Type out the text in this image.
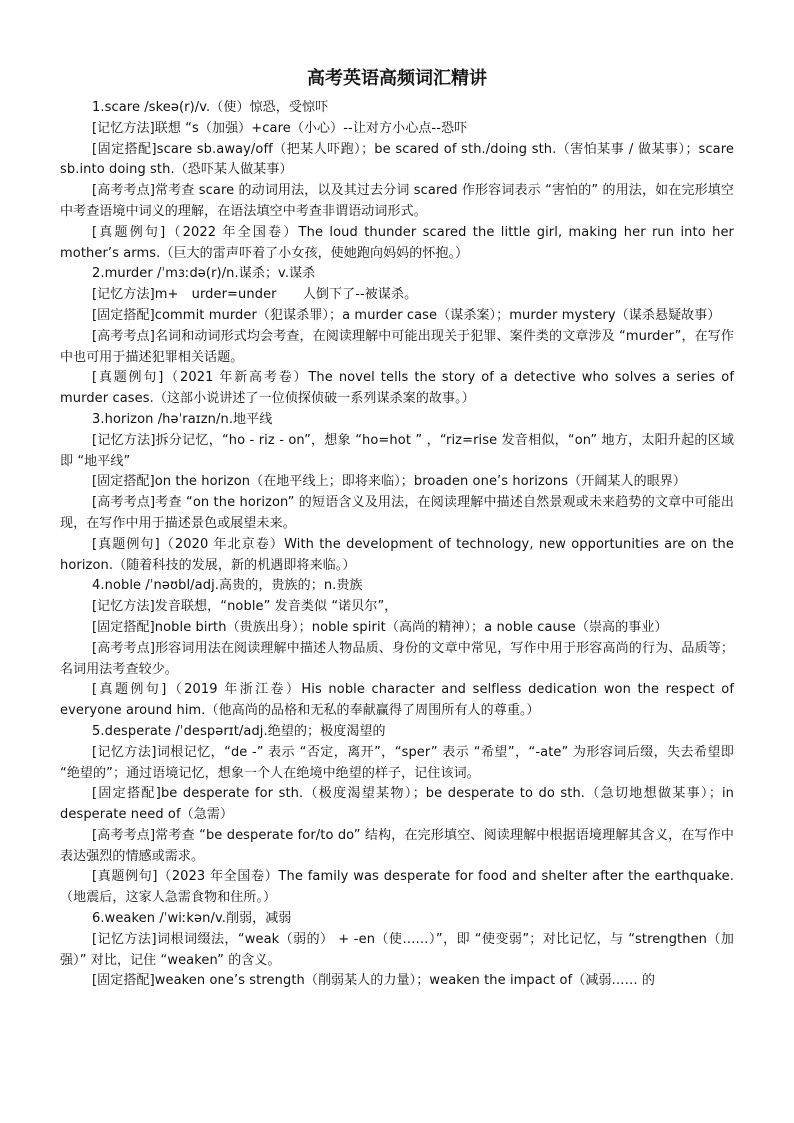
高考英语高频词汇精讲

1.scare /skeə(r)/v.（使）惊恐，受惊吓

[记忆方法]联想 “s（加强）+care（小心）--让对方小心点--恐吓

[固定搭配]scare sb.away/off（把某人吓跑）；be scared of sth./doing sth.（害怕某事 / 做某事）；scare sb.into doing sth.（恐吓某人做某事）

[高考考点]常考查 scare 的动词用法，以及其过去分词 scared 作形容词表示 “害怕的” 的用法，如在完形填空中考查语境中词义的理解，在语法填空中考查非谓语动词形式。

[真题例句]（2022 年全国卷）The loud thunder scared the little girl, making her run into her mother’s arms.（巨大的雷声吓着了小女孩，使她跑向妈妈的怀抱。）

2.murder /ˈmɜːdə(r)/n.谋杀；v.谋杀

[记忆方法]m+　urder=under　　人倒下了--被谋杀。

[固定搭配]commit murder（犯谋杀罪）；a murder case（谋杀案）；murder mystery（谋杀悬疑故事）

[高考考点]名词和动词形式均会考查，在阅读理解中可能出现关于犯罪、案件类的文章涉及 “murder”，在写作中也可用于描述犯罪相关话题。

[真题例句]（2021 年新高考卷）The novel tells the story of a detective who solves a series of murder cases.（这部小说讲述了一位侦探侦破一系列谋杀案的故事。）

3.horizon /həˈraɪzn/n.地平线

[记忆方法]拆分记忆，“ho - riz - on”，想象 “ho=hot ” ，“riz=rise 发音相似，“on” 地方，太阳升起的区域即 “地平线”

[固定搭配]on the horizon（在地平线上；即将来临）；broaden one’s horizons（开阔某人的眼界）

[高考考点]考查 “on the horizon” 的短语含义及用法，在阅读理解中描述自然景观或未来趋势的文章中可能出现，在写作中用于描述景色或展望未来。

[真题例句]（2020 年北京卷）With the development of technology, new opportunities are on the horizon.（随着科技的发展，新的机遇即将来临。）

4.noble /ˈnəʊbl/adj.高贵的，贵族的；n.贵族

[记忆方法]发音联想，“noble” 发音类似 “诺贝尔”，

[固定搭配]noble birth（贵族出身）；noble spirit（高尚的精神）；a noble cause（崇高的事业）

[高考考点]形容词用法在阅读理解中描述人物品质、身份的文章中常见，写作中用于形容高尚的行为、品质等；名词用法考查较少。

[真题例句]（2019 年浙江卷）His noble character and selfless dedication won the respect of everyone around him.（他高尚的品格和无私的奉献赢得了周围所有人的尊重。）

5.desperate /ˈdespərɪt/adj.绝望的；极度渴望的

[记忆方法]词根记忆，“de -” 表示 “否定，离开”，“sper” 表示 “希望”，“-ate” 为形容词后缀，失去希望即 “绝望的”；通过语境记忆，想象一个人在绝境中绝望的样子，记住该词。

[固定搭配]be desperate for sth.（极度渴望某物）；be desperate to do sth.（急切地想做某事）；in desperate need of（急需）

[高考考点]常考查 “be desperate for/to do” 结构，在完形填空、阅读理解中根据语境理解其含义，在写作中表达强烈的情感或需求。

[真题例句]（2023 年全国卷）The family was desperate for food and shelter after the earthquake.（地震后，这家人急需食物和住所。）

6.weaken /ˈwiːkən/v.削弱，减弱

[记忆方法]词根词缀法，“weak（弱的） + -en（使……）”，即 “使变弱”；对比记忆，与 “strengthen（加强）” 对比，记住 “weaken” 的含义。

[固定搭配]weaken one’s strength（削弱某人的力量）；weaken the impact of（减弱…… 的
